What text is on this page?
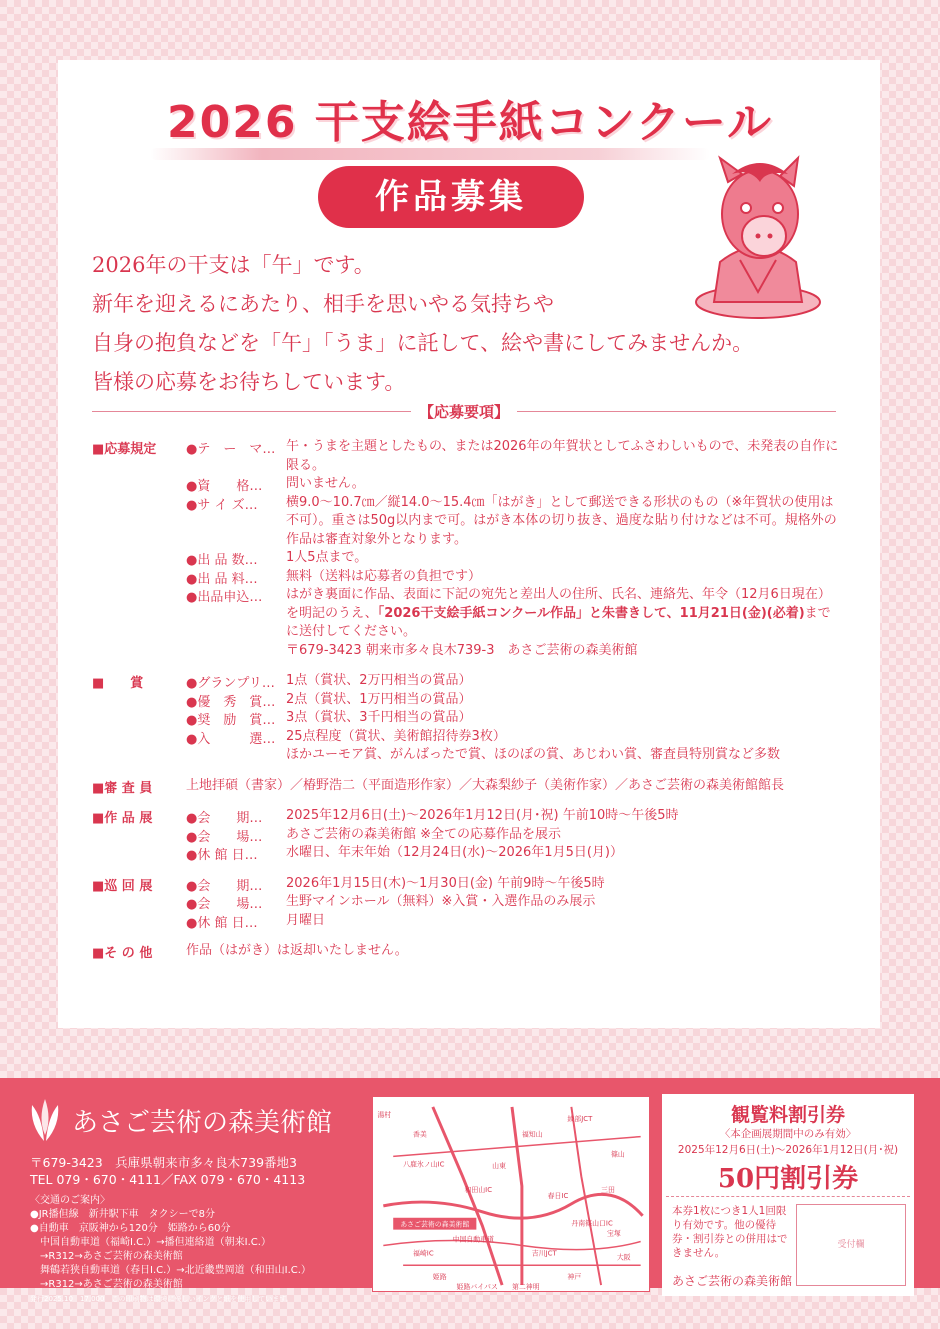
2026 干支絵手紙コンクール
作品募集
2026年の干支は「午」です。
新年を迎えるにあたり、相手を思いやる気持ちや
自身の抱負などを「午」「うま」に託して、絵や書にしてみませんか。
皆様の応募をお待ちしています。
【応募要項】
■応募規定	●テ　ー　マ… 午・うまを主題としたもの、または2026年の年賀状としてふさわしいもので、未発表の自作に限る。
●資　　格… 問いません。
●サ イ ズ… 横9.0〜10.7㎝／縦14.0〜15.4㎝「はがき」として郵送できる形状のもの（※年賀状の使用は不可）。重さは50g以内まで可。はがき本体の切り抜き、過度な貼り付けなどは不可。規格外の作品は審査対象外となります。
●出 品 数… 1人5点まで。
●出 品 料… 無料（送料は応募者の負担です）
●出品申込… はがき裏面に作品、表面に下記の宛先と差出人の住所、氏名、連絡先、年令（12月6日現在）を明記のうえ、「2026干支絵手紙コンクール作品」と朱書きして、11月21日(金)(必着)までに送付してください。
〒679-3423 朝来市多々良木739-3　あさご芸術の森美術館
■　　賞	●グランプリ… 1点（賞状、2万円相当の賞品）
●優　秀　賞… 2点（賞状、1万円相当の賞品）
●奨　励　賞… 3点（賞状、3千円相当の賞品）
●入　　　選… 25点程度（賞状、美術館招待券3枚）
ほかユーモア賞、がんばったで賞、ほのぼの賞、あじわい賞、審査員特別賞など多数
■審 査 員	上地拝碩（書家）／椿野浩二（平面造形作家）／大森梨紗子（美術作家）／あさご芸術の森美術館館長
■作 品 展	●会　　期… 2025年12月6日(土)〜2026年1月12日(月･祝) 午前10時〜午後5時
●会　　場… あさご芸術の森美術館 ※全ての応募作品を展示
●休 館 日… 水曜日、年末年始（12月24日(水)〜2026年1月5日(月)）
■巡 回 展	●会　　期… 2026年1月15日(木)〜1月30日(金) 午前9時〜午後5時
●会　　場… 生野マインホール（無料）※入賞・入選作品のみ展示
●休 館 日… 月曜日
■そ の 他	作品（はがき）は返却いたしません。
あさご芸術の森美術館
〒679-3423　兵庫県朝来市多々良木739番地3
TEL 079・670・4111／FAX 079・670・4113
〈交通のご案内〉
●JR播但線　新井駅下車　タクシーで8分
●自動車　京阪神から120分　姫路から60分
　中国自動車道（福崎I.C.）→播但連絡道（朝来I.C.）
　→R312→あさご芸術の森美術館
　舞鶴若狭自動車道（春日I.C.）→北近畿豊岡道（和田山I.C.）
　→R312→あさご芸術の森美術館
発行2025.10　17,000　この印刷物は環境に優しいインクと紙を使用しています。
あさご芸術の森美術館
湯村
香美
八鹿氷ノ山IC
和田山IC
山東
春日IC
福知山
丹南篠山口IC
中国自動車道
福崎IC
姫路	神戸
大阪
三田
篠山
綾部JCT
吉川JCT
宝塚
姫路バイパス 第二神明
観覧料割引券
〈本企画展期間中のみ有効〉
2025年12月6日(土)〜2026年1月12日(月･祝)
50円割引券
本券1枚につき1人1回限り有効です。他の優待券・割引券との併用はできません。
受付欄
あさご芸術の森美術館
